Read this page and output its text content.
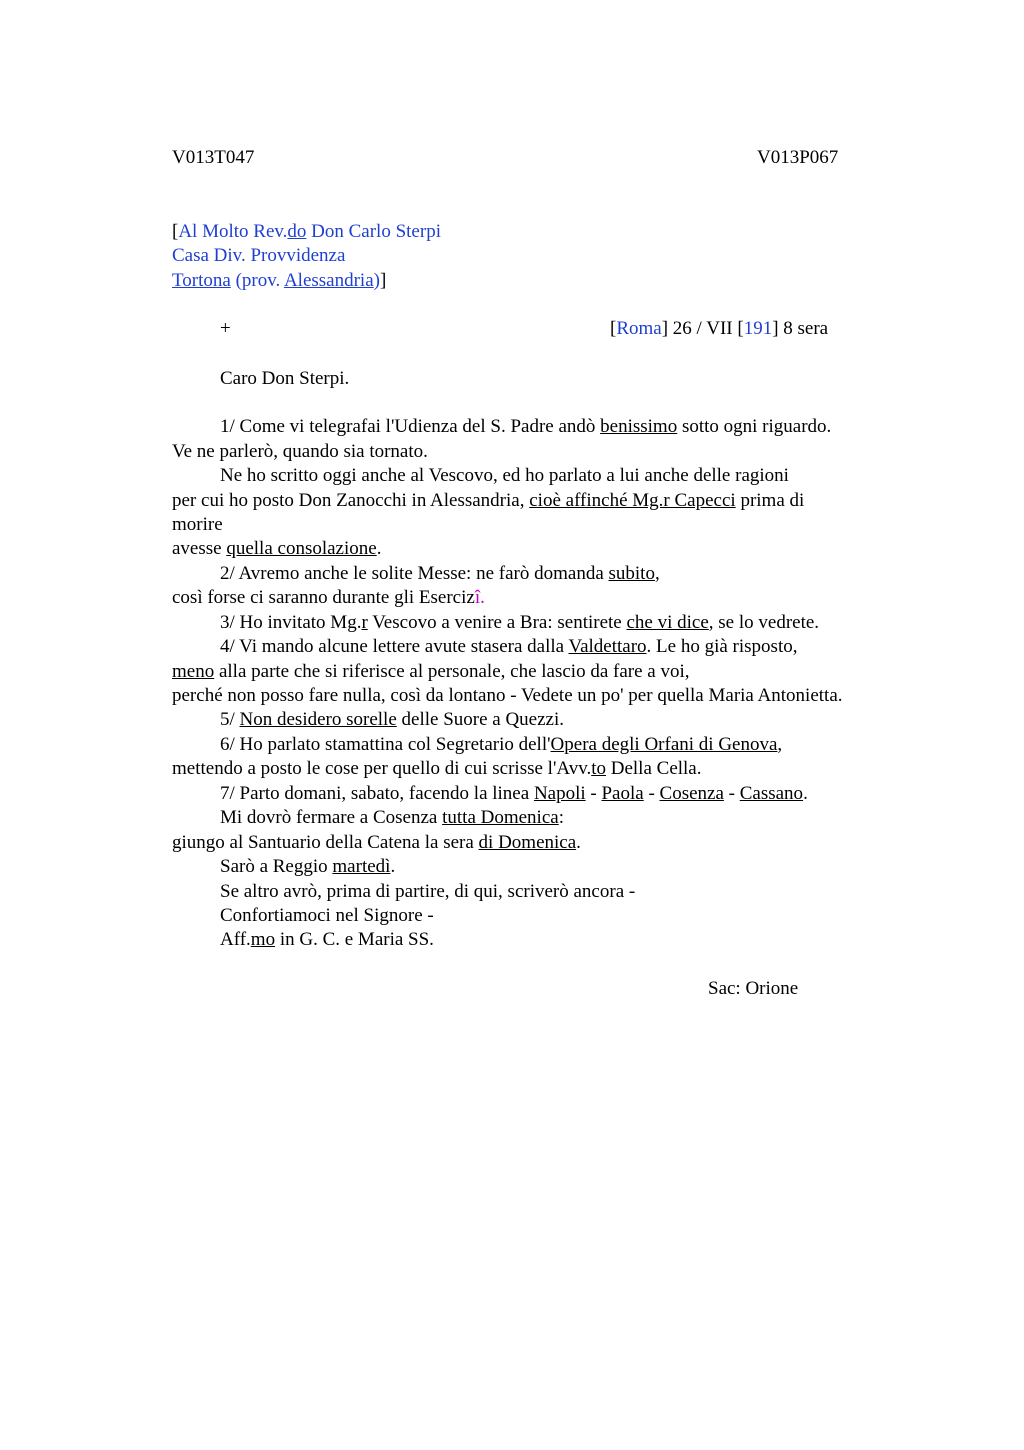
V013T047	V013P067
[Al Molto Rev.do Don Carlo Sterpi
Casa Div. Provvidenza
Tortona (prov. Alessandria)]
+	[Roma] 26 / VII [191] 8 sera
Caro Don Sterpi.
1/ Come vi telegrafai l'Udienza del S. Padre andò benissimo sotto ogni riguardo.
Ve ne parlerò, quando sia tornato.
Ne ho scritto oggi anche al Vescovo, ed ho parlato a lui anche delle ragioni
per cui ho posto Don Zanocchi in Alessandria, cioè affinché Mg.r Capecci prima di
morire
avesse quella consolazione.
2/ Avremo anche le solite Messe: ne farò domanda subito,
così forse ci saranno durante gli Esercizî.
3/ Ho invitato Mg.r Vescovo a venire a Bra: sentirete che vi dice, se lo vedrete.
4/ Vi mando alcune lettere avute stasera dalla Valdettaro. Le ho già risposto,
meno alla parte che si riferisce al personale, che lascio da fare a voi,
perché non posso fare nulla, così da lontano - Vedete un po' per quella Maria Antonietta.
5/ Non desidero sorelle delle Suore a Quezzi.
6/ Ho parlato stamattina col Segretario dell'Opera degli Orfani di Genova,
mettendo a posto le cose per quello di cui scrisse l'Avv.to Della Cella.
7/ Parto domani, sabato, facendo la linea Napoli - Paola - Cosenza - Cassano.
Mi dovrò fermare a Cosenza tutta Domenica:
giungo al Santuario della Catena la sera di Domenica.
Sarò a Reggio martedì.
Se altro avrò, prima di partire, di qui, scriverò ancora -
Confortiamoci nel Signore -
Aff.mo in G. C. e Maria SS.
Sac: Orione
